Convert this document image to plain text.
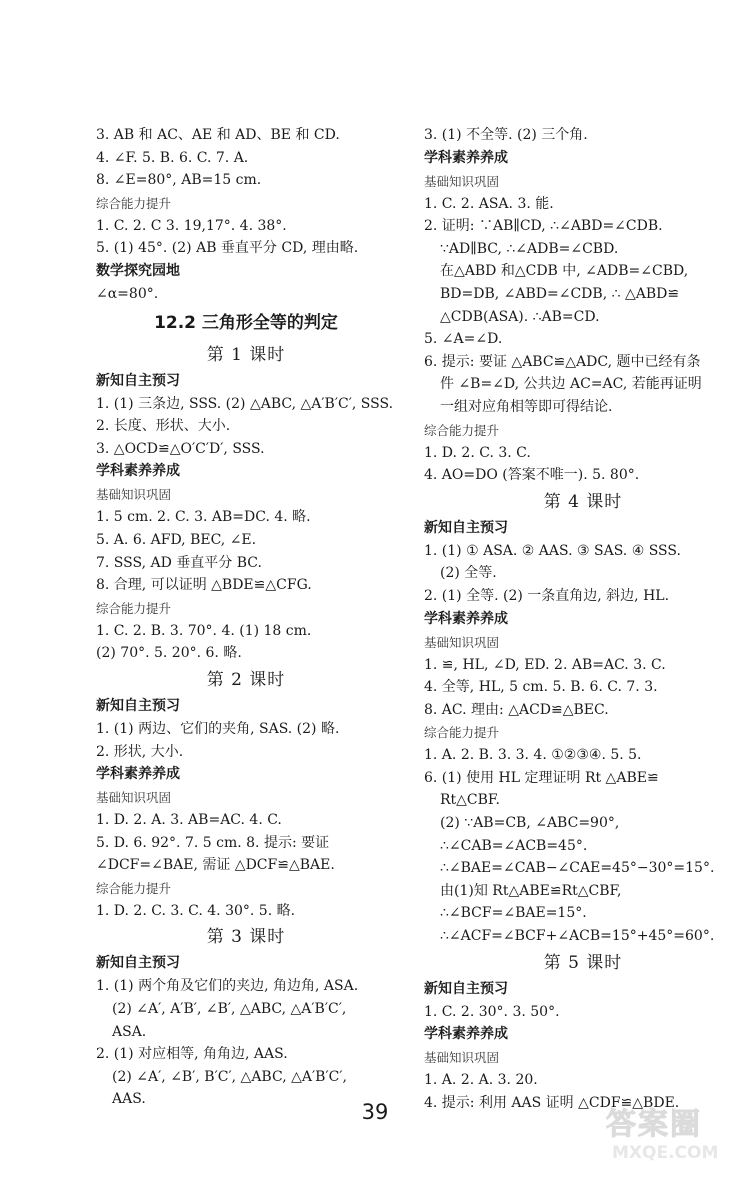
3. AB 和 AC、AE 和 AD、BE 和 CD.
4. ∠F. 5. B. 6. C. 7. A.
8. ∠E=80°, AB=15 cm.
综合能力提升
1. C. 2. C 3. 19,17°. 4. 38°.
5. (1) 45°. (2) AB 垂直平分 CD, 理由略.
数学探究园地
∠α=80°.
12.2 三角形全等的判定
第 1 课时
新知自主预习
1. (1) 三条边, SSS. (2) △ABC, △A′B′C′, SSS.
2. 长度、形状、大小.
3. △OCD≌△O′C′D′, SSS.
学科素养养成
基础知识巩固
1. 5 cm. 2. C. 3. AB=DC. 4. 略.
5. A. 6. AFD, BEC, ∠E.
7. SSS, AD 垂直平分 BC.
8. 合理, 可以证明 △BDE≌△CFG.
综合能力提升
1. C. 2. B. 3. 70°. 4. (1) 18 cm.
(2) 70°. 5. 20°. 6. 略.
第 2 课时
新知自主预习
1. (1) 两边、它们的夹角, SAS. (2) 略.
2. 形状, 大小.
学科素养养成
基础知识巩固
1. D. 2. A. 3. AB=AC. 4. C.
5. D. 6. 92°. 7. 5 cm. 8. 提示: 要证
∠DCF=∠BAE, 需证 △DCF≌△BAE.
综合能力提升
1. D. 2. C. 3. C. 4. 30°. 5. 略.
第 3 课时
新知自主预习
1. (1) 两个角及它们的夹边, 角边角, ASA.
(2) ∠A′, A′B′, ∠B′, △ABC, △A′B′C′,
ASA.
2. (1) 对应相等, 角角边, AAS.
(2) ∠A′, ∠B′, B′C′, △ABC, △A′B′C′,
AAS.
3. (1) 不全等. (2) 三个角.
学科素养养成
基础知识巩固
1. C. 2. ASA. 3. 能.
2. 证明: ∵AB∥CD, ∴∠ABD=∠CDB.
∵AD∥BC, ∴∠ADB=∠CBD.
在△ABD 和△CDB 中, ∠ADB=∠CBD,
BD=DB, ∠ABD=∠CDB, ∴ △ABD≌
△CDB(ASA). ∴AB=CD.
5. ∠A=∠D.
6. 提示: 要证 △ABC≌△ADC, 题中已经有条
件 ∠B=∠D, 公共边 AC=AC, 若能再证明
一组对应角相等即可得结论.
综合能力提升
1. D. 2. C. 3. C.
4. AO=DO (答案不唯一). 5. 80°.
第 4 课时
新知自主预习
1. (1) ① ASA. ② AAS. ③ SAS. ④ SSS.
(2) 全等.
2. (1) 全等. (2) 一条直角边, 斜边, HL.
学科素养养成
基础知识巩固
1. ≌, HL, ∠D, ED. 2. AB=AC. 3. C.
4. 全等, HL, 5 cm. 5. B. 6. C. 7. 3.
8. AC. 理由: △ACD≌△BEC.
综合能力提升
1. A. 2. B. 3. 3. 4. ①②③④. 5. 5.
6. (1) 使用 HL 定理证明 Rt △ABE≌
Rt△CBF.
(2) ∵AB=CB, ∠ABC=90°,
∴∠CAB=∠ACB=45°.
∴∠BAE=∠CAB−∠CAE=45°−30°=15°.
由(1)知 Rt△ABE≌Rt△CBF,
∴∠BCF=∠BAE=15°.
∴∠ACF=∠BCF+∠ACB=15°+45°=60°.
第 5 课时
新知自主预习
1. C. 2. 30°. 3. 50°.
学科素养养成
基础知识巩固
1. A. 2. A. 3. 20.
4. 提示: 利用 AAS 证明 △CDF≌△BDE.
39	答案圈
MXQE.COM
